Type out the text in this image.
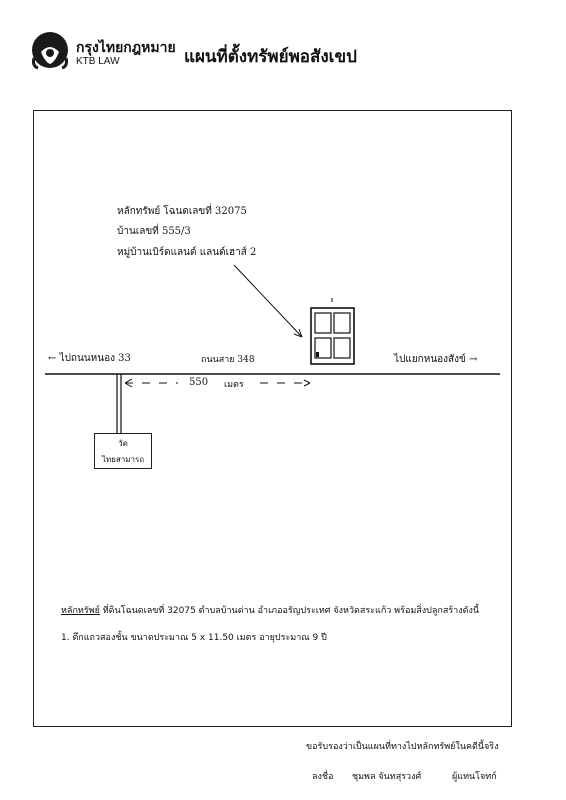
กรุงไทยกฎหมาย
KTB LAW	แผนที่ตั้งทรัพย์พอสังเขป
หลักทรัพย์ โฉนดเลขที่ 32075
บ้านเลขที่ 555/3
หมู่บ้านเบิร์ดแลนด์ แลนด์เฮาส์ 2
← ไปถนนหนอง 33	ถนนสาย 348	ไปแยกหนองสังข์ →
550 เมตร
วัด
ไทยสามารถ
หลักทรัพย์ ที่ดินโฉนดเลขที่ 32075 ตำบลบ้านด่าน อำเภออรัญประเทศ จังหวัดสระแก้ว พร้อมสิ่งปลูกสร้างดังนี้
1. ตึกแถวสองชั้น ขนาดประมาณ 5 x 11.50 เมตร อายุประมาณ 9 ปี
ขอรับรองว่าเป็นแผนที่ทางไปหลักทรัพย์ในคดีนี้จริง
ลงชื่อ ชุมพล จันทสุรวงศ์	ผู้แทนโจทก์
